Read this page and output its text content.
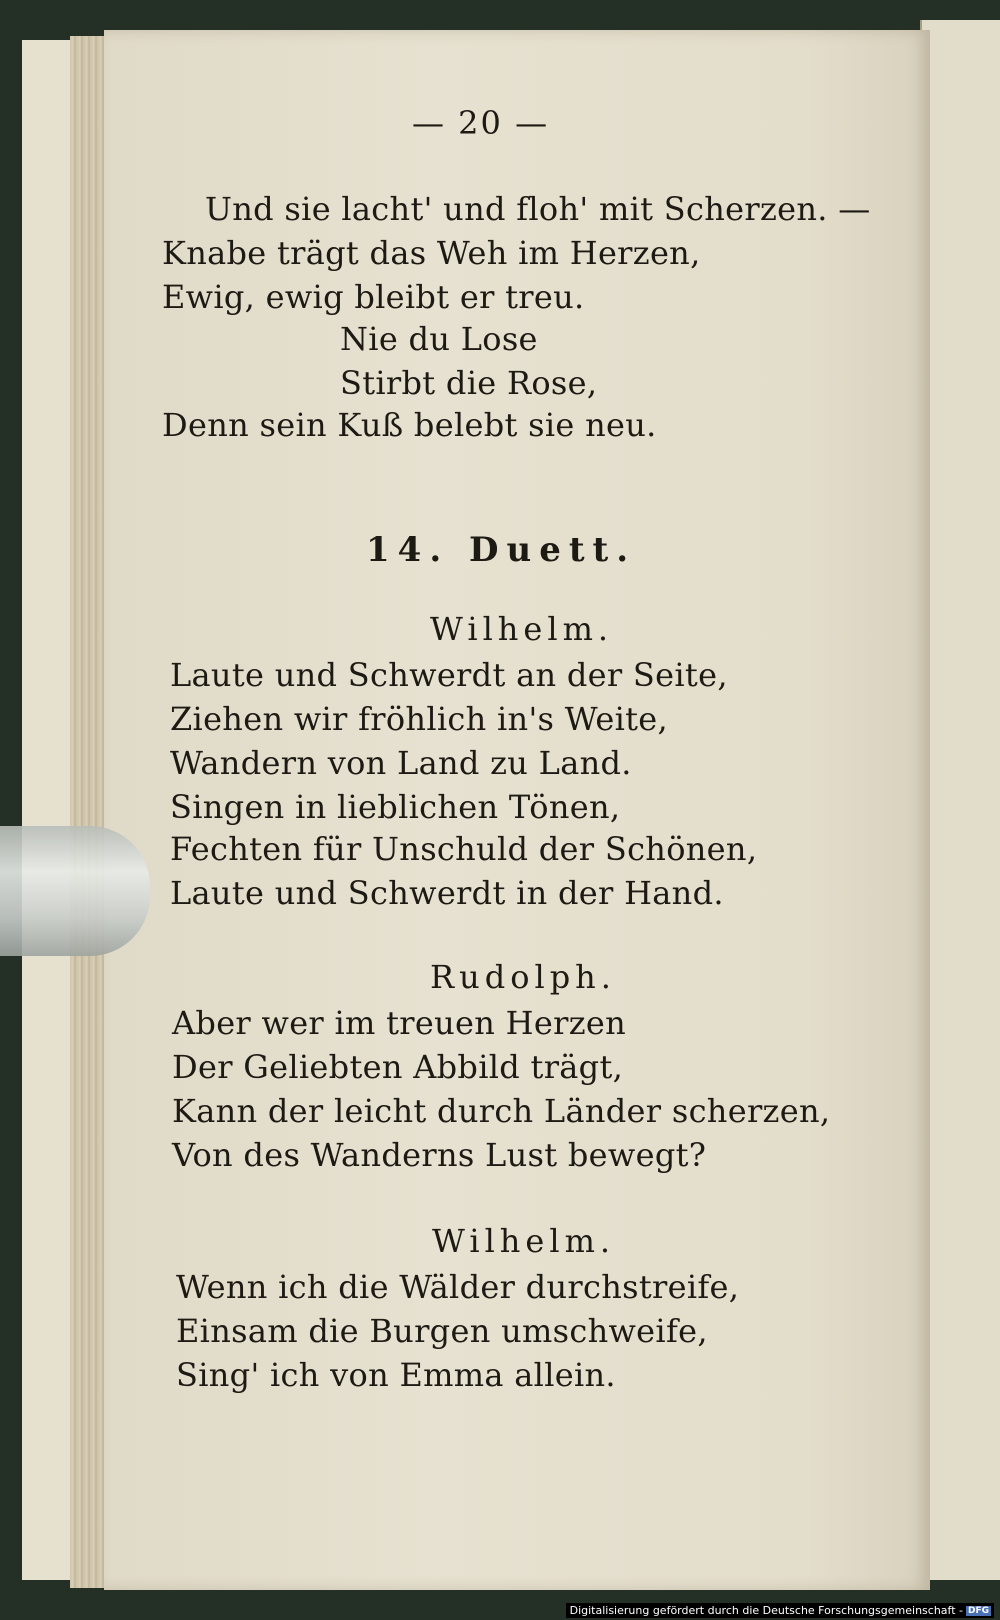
— 20 —
Und sie lacht' und floh' mit Scherzen. —
Knabe trägt das Weh im Herzen,
Ewig, ewig bleibt er treu.
Nie du Lose
Stirbt die Rose,
Denn sein Kuß belebt sie neu.
14. Duett.
Wilhelm.
Laute und Schwerdt an der Seite,
Ziehen wir fröhlich in's Weite,
Wandern von Land zu Land.
Singen in lieblichen Tönen,
Fechten für Unschuld der Schönen,
Laute und Schwerdt in der Hand.
Rudolph.
Aber wer im treuen Herzen
Der Geliebten Abbild trägt,
Kann der leicht durch Länder scherzen,
Von des Wanderns Lust bewegt?
Wilhelm.
Wenn ich die Wälder durchstreife,
Einsam die Burgen umschweife,
Sing' ich von Emma allein.
Digitalisierung gefördert durch die Deutsche Forschungsgemeinschaft - DFG
